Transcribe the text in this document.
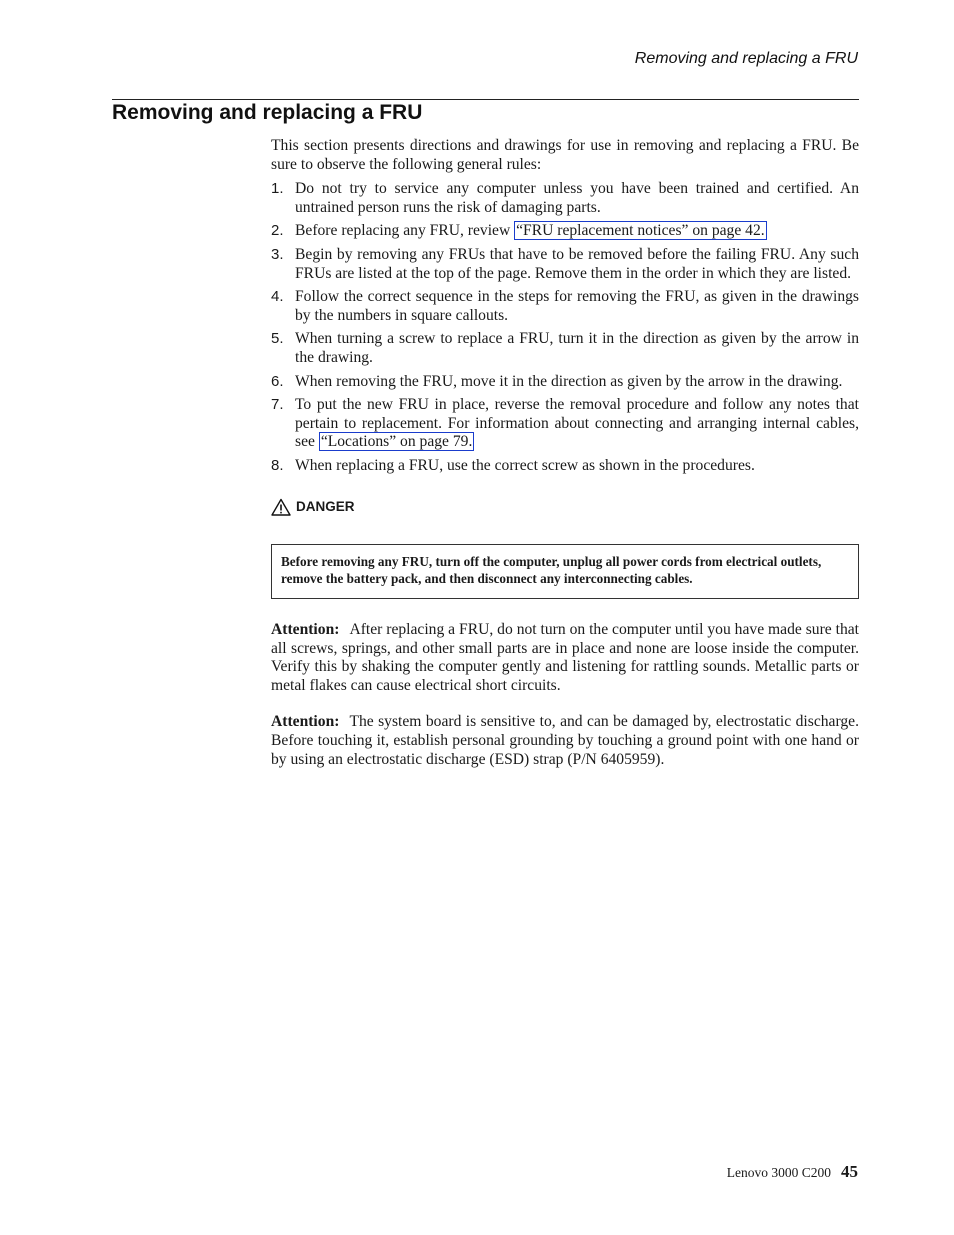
Removing and replacing a FRU
Removing and replacing a FRU

This section presents directions and drawings for use in removing and replacing a FRU. Be sure to observe the following general rules:

1. Do not try to service any computer unless you have been trained and certified. An untrained person runs the risk of damaging parts.
2. Before replacing any FRU, review “FRU replacement notices” on page 42.
3. Begin by removing any FRUs that have to be removed before the failing FRU. Any such FRUs are listed at the top of the page. Remove them in the order in which they are listed.
4. Follow the correct sequence in the steps for removing the FRU, as given in the drawings by the numbers in square callouts.
5. When turning a screw to replace a FRU, turn it in the direction as given by the arrow in the drawing.
6. When removing the FRU, move it in the direction as given by the arrow in the drawing.
7. To put the new FRU in place, reverse the removal procedure and follow any notes that pertain to replacement. For information about connecting and arranging internal cables, see “Locations” on page 79.
8. When replacing a FRU, use the correct screw as shown in the procedures.
DANGER
Before removing any FRU, turn off the computer, unplug all power cords from electrical outlets, remove the battery pack, and then disconnect any interconnecting cables.

Attention: After replacing a FRU, do not turn on the computer until you have made sure that all screws, springs, and other small parts are in place and none are loose inside the computer. Verify this by shaking the computer gently and listening for rattling sounds. Metallic parts or metal flakes can cause electrical short circuits.

Attention: The system board is sensitive to, and can be damaged by, electrostatic discharge. Before touching it, establish personal grounding by touching a ground point with one hand or by using an electrostatic discharge (ESD) strap (P/N 6405959).

Lenovo 3000 C200 45
